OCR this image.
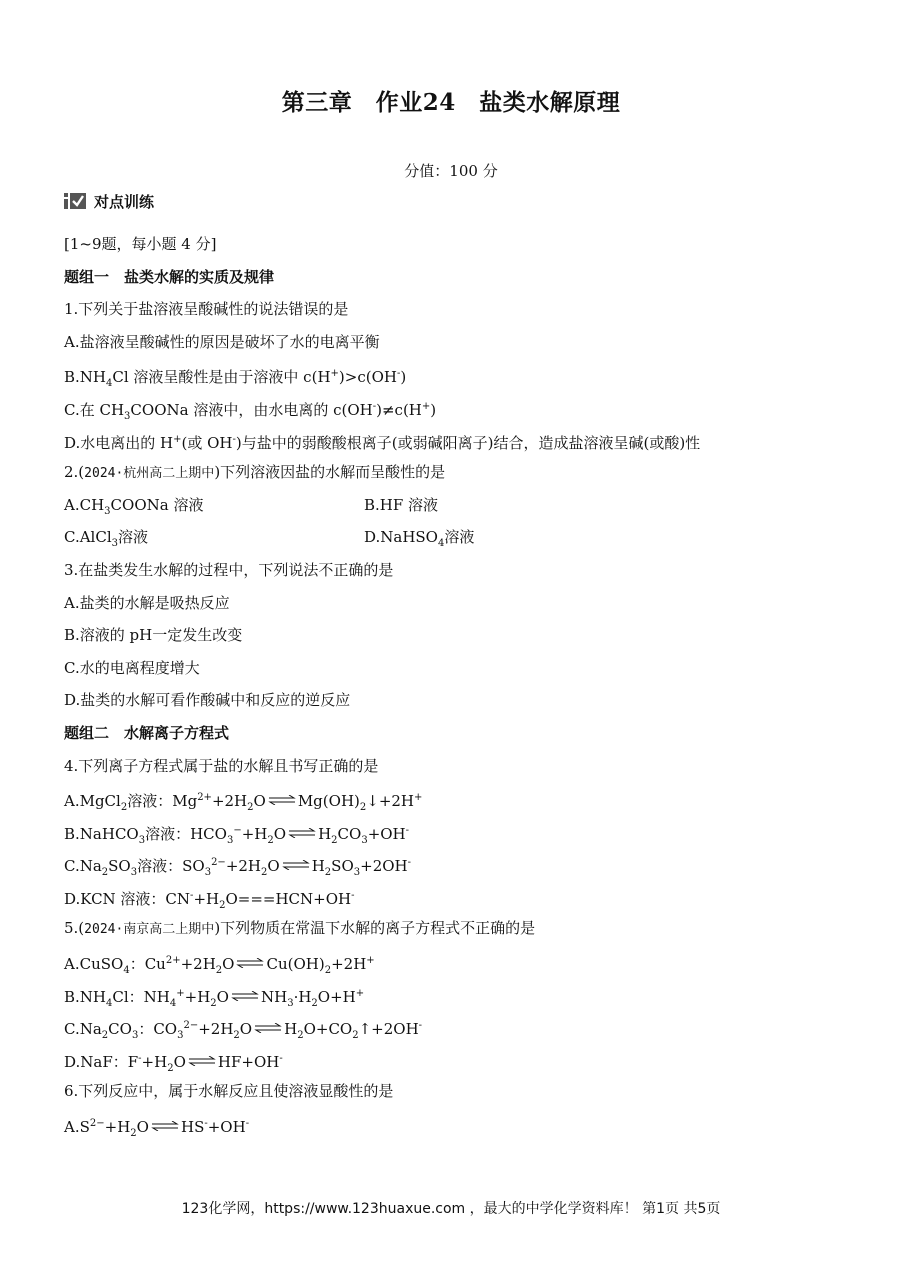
第三章　作业24　盐类水解原理
分值：100 分
对点训练
[1~9题，每小题 4 分]
题组一　盐类水解的实质及规律
1.下列关于盐溶液呈酸碱性的说法错误的是
A.盐溶液呈酸碱性的原因是破坏了水的电离平衡
$B.NH_4Cl$ 溶液呈酸性是由于溶液中 c(H+)>c(OH-)
C.在 $CH_3COONa$ 溶液中，由水电离的 c(OH-)≠c(H+)
D.水电离出的 H+(或 OH-)与盐中的弱酸酸根离子(或弱碱阳离子)结合，造成盐溶液呈碱(或酸)性
2.(2024·杭州高二上期中)下列溶液因盐的水解而呈酸性的是
$A.CH_3COONa$ 溶液	B.HF 溶液
C.AlCl$_3$溶液	D.NaHSO$_4$溶液
3.在盐类发生水解的过程中，下列说法不正确的是
A.盐类的水解是吸热反应
B.溶液的 pH一定发生改变
C.水的电离程度增大
D.盐类的水解可看作酸碱中和反应的逆反应
题组二　水解离子方程式
4.下列离子方程式属于盐的水解且书写正确的是
A.MgCl$_2$溶液：$Mg^{2+}+2H_2O$ ⇌ $Mg(OH)_2↓+2H^+$
B.NaHCO$_3$溶液：$HCO_3^-+H_2O$ ⇌ $H_2CO_3+OH^-$
$C.Na_2SO_3$溶液：$SO_3^{2-}+2H_2O$ ⇌ $H_2SO_3+2OH^-$
D.KCN 溶液：$CN^-+H_2O===HCN+OH^-$
5.(2024·南京高二上期中)下列物质在常温下水解的离子方程式不正确的是
A.CuSO$_4$：$Cu^{2+}+2H_2O$ ⇌ $Cu(OH)_2+2H^+$
$B.NH_4Cl$：$NH_4^++H_2O$ ⇌ $NH_3\cdot H_2O+H^+$
$C.Na_2CO_3$：$CO_3^{2-}+2H_2O$ ⇌ $H_2O+CO_2↑+2OH^-$
D.NaF：$F^-+H_2O$ ⇌ HF+OH-
6.下列反应中，属于水解反应且使溶液显酸性的是
$A.S^{2-}+H_2O$ ⇌ HS-+OH-
123化学网，https://www.123huaxue.com ，最大的中学化学资料库！ 第1页 共5页
